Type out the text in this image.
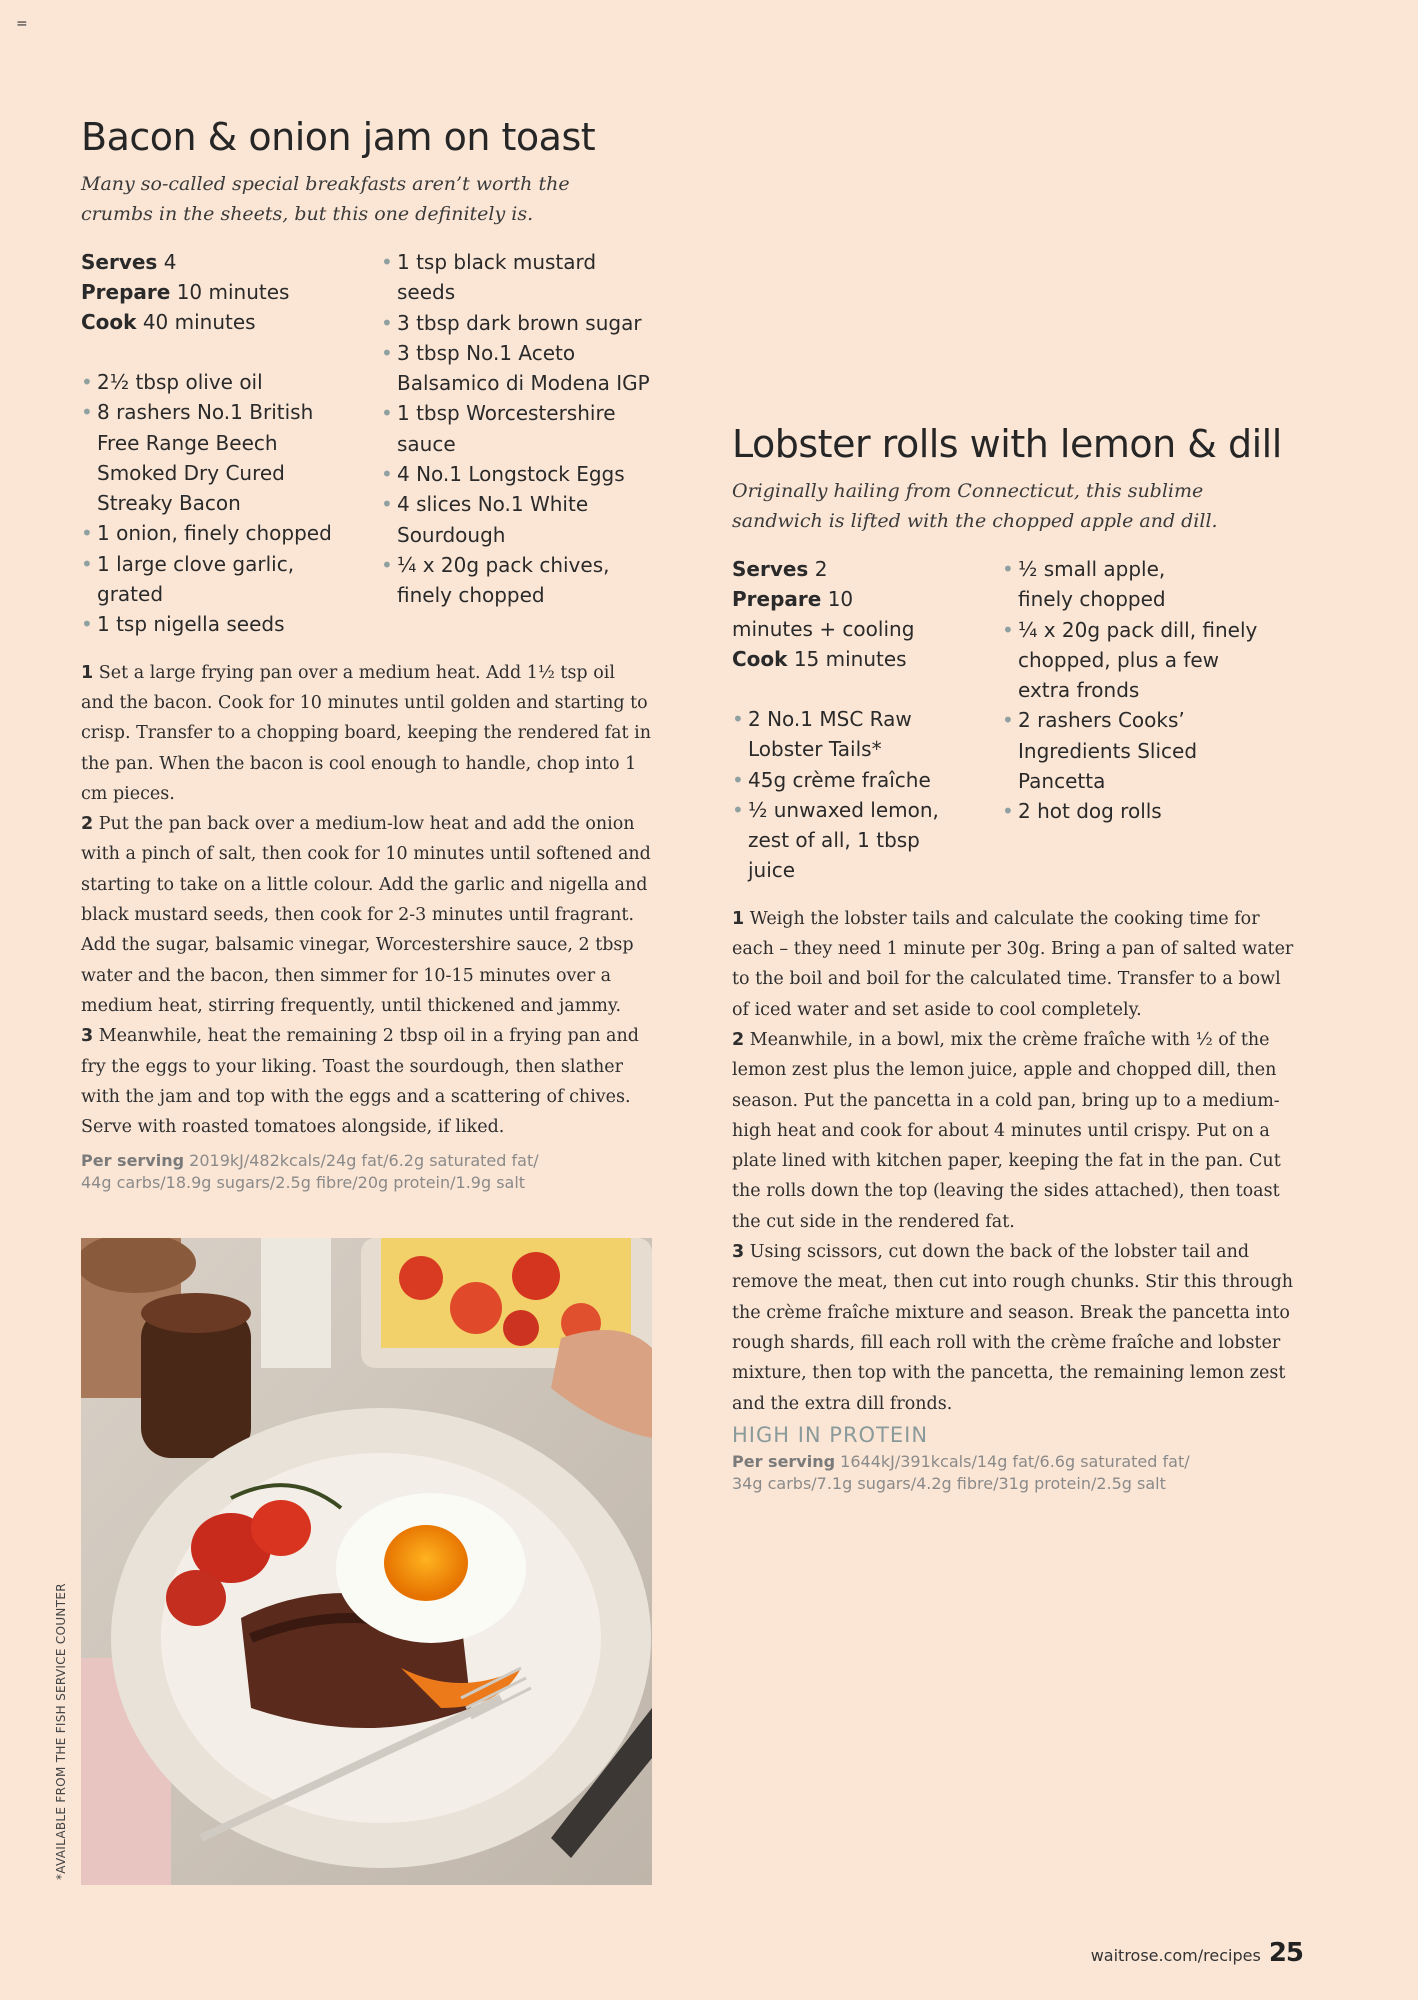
=
Bacon & onion jam on toast

Many so-called special breakfasts aren’t worth the crumbs in the sheets, but this one definitely is.

Serves 4

Prepare 10 minutes

Cook 40 minutes

• 2½ tbsp olive oil
• 8 rashers No.1 British Free Range Beech Smoked Dry Cured Streaky Bacon
• 1 onion, finely chopped
• 1 large clove garlic, grated
• 1 tsp nigella seeds
• 1 tsp black mustard seeds
• 3 tbsp dark brown sugar
• 3 tbsp No.1 Aceto Balsamico di Modena IGP
• 1 tbsp Worcestershire sauce
• 4 No.1 Longstock Eggs
• 4 slices No.1 White Sourdough
• ¼ x 20g pack chives, finely chopped

1 Set a large frying pan over a medium heat. Add 1½ tsp oil and the bacon. Cook for 10 minutes until golden and starting to crisp. Transfer to a chopping board, keeping the rendered fat in the pan. When the bacon is cool enough to handle, chop into 1 cm pieces.

2 Put the pan back over a medium-low heat and add the onion with a pinch of salt, then cook for 10 minutes until softened and starting to take on a little colour. Add the garlic and nigella and black mustard seeds, then cook for 2-3 minutes until fragrant. Add the sugar, balsamic vinegar, Worcestershire sauce, 2 tbsp water and the bacon, then simmer for 10-15 minutes over a medium heat, stirring frequently, until thickened and jammy.

3 Meanwhile, heat the remaining 2 tbsp oil in a frying pan and fry the eggs to your liking. Toast the sourdough, then slather with the jam and top with the eggs and a scattering of chives. Serve with roasted tomatoes alongside, if liked.

Per serving 2019kJ/482kcals/24g fat/6.2g saturated fat/

44g carbs/18.9g sugars/2.5g fibre/20g protein/1.9g salt

Lobster rolls with lemon & dill

Originally hailing from Connecticut, this sublime sandwich is lifted with the chopped apple and dill.

Serves 2

Prepare 10 minutes + cooling

Cook 15 minutes

• 2 No.1 MSC Raw Lobster Tails*
• 45g crème fraîche
• ½ unwaxed lemon, zest of all, 1 tbsp juice
• ½ small apple, finely chopped
• ¼ x 20g pack dill, finely chopped, plus a few extra fronds
• 2 rashers Cooks’ Ingredients Sliced Pancetta
• 2 hot dog rolls

1 Weigh the lobster tails and calculate the cooking time for each – they need 1 minute per 30g. Bring a pan of salted water to the boil and boil for the calculated time. Transfer to a bowl of iced water and set aside to cool completely.

2 Meanwhile, in a bowl, mix the crème fraîche with ½ of the lemon zest plus the lemon juice, apple and chopped dill, then season. Put the pancetta in a cold pan, bring up to a medium-high heat and cook for about 4 minutes until crispy. Put on a plate lined with kitchen paper, keeping the fat in the pan. Cut the rolls down the top (leaving the sides attached), then toast the cut side in the rendered fat.

3 Using scissors, cut down the back of the lobster tail and remove the meat, then cut into rough chunks. Stir this through the crème fraîche mixture and season. Break the pancetta into rough shards, fill each roll with the crème fraîche and lobster mixture, then top with the pancetta, the remaining lemon zest and the extra dill fronds.

HIGH IN PROTEIN

Per serving 1644kJ/391kcals/14g fat/6.6g saturated fat/

34g carbs/7.1g sugars/4.2g fibre/31g protein/2.5g salt

*AVAILABLE FROM THE FISH SERVICE COUNTER
waitrose.com/recipes 25
